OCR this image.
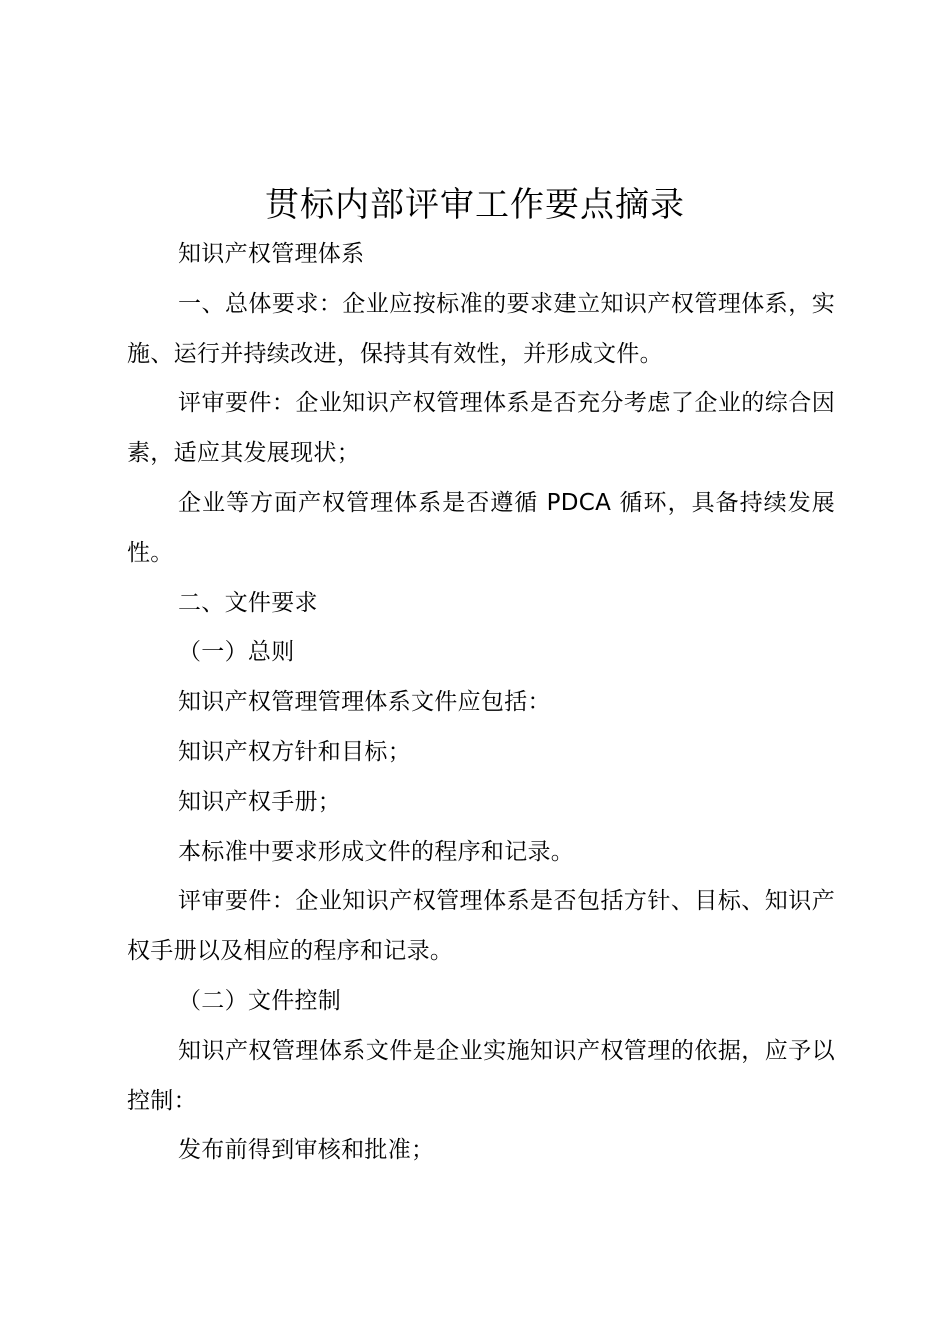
贯标内部评审工作要点摘录

知识产权管理体系

一、总体要求：企业应按标准的要求建立知识产权管理体系，实施、运行并持续改进，保持其有效性，并形成文件。

评审要件：企业知识产权管理体系是否充分考虑了企业的综合因素，适应其发展现状；

企业等方面产权管理体系是否遵循 PDCA 循环，具备持续发展性。

二、文件要求

（一）总则

知识产权管理管理体系文件应包括：

知识产权方针和目标；

知识产权手册；

本标准中要求形成文件的程序和记录。

评审要件：企业知识产权管理体系是否包括方针、目标、知识产权手册以及相应的程序和记录。

（二）文件控制

知识产权管理体系文件是企业实施知识产权管理的依据，应予以控制：

发布前得到审核和批准；
